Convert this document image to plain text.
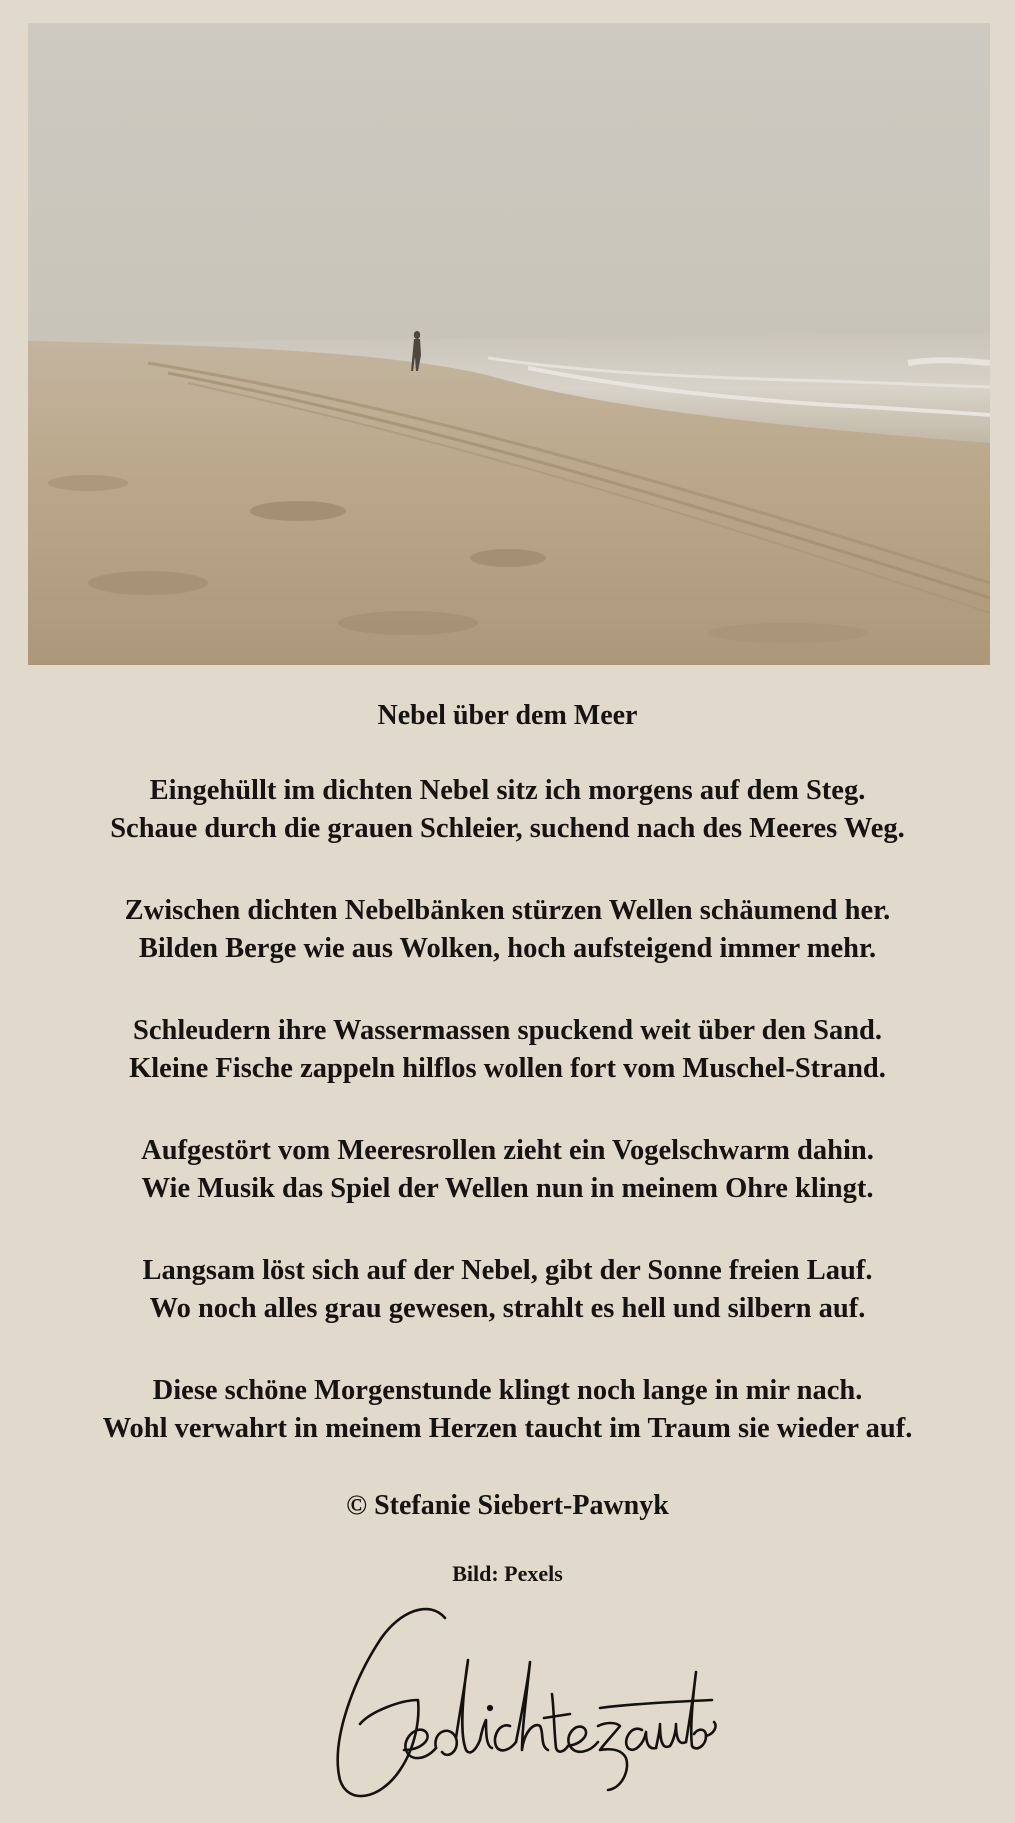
Nebel über dem Meer
Eingehüllt im dichten Nebel sitz ich morgens auf dem Steg.
Schaue durch die grauen Schleier, suchend nach des Meeres Weg.
Zwischen dichten Nebelbänken stürzen Wellen schäumend her.
Bilden Berge wie aus Wolken, hoch aufsteigend immer mehr.
Schleudern ihre Wassermassen spuckend weit über den Sand.
Kleine Fische zappeln hilflos wollen fort vom Muschel-Strand.
Aufgestört vom Meeresrollen zieht ein Vogelschwarm dahin.
Wie Musik das Spiel der Wellen nun in meinem Ohre klingt.
Langsam löst sich auf der Nebel, gibt der Sonne freien Lauf.
Wo noch alles grau gewesen, strahlt es hell und silbern auf.
Diese schöne Morgenstunde klingt noch lange in mir nach.
Wohl verwahrt in meinem Herzen taucht im Traum sie wieder auf.
© Stefanie Siebert-Pawnyk
Bild: Pexels
